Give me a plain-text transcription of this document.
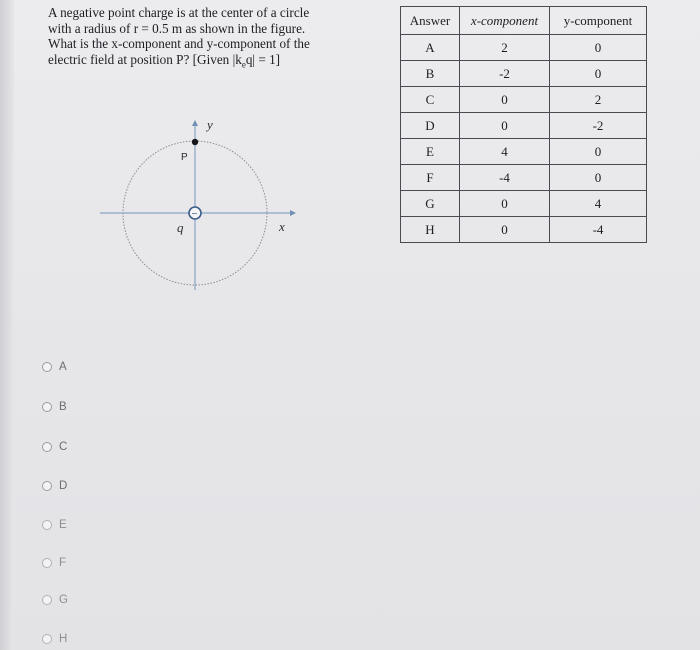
A negative point charge is at the center of a circle

with a radius of r = 0.5 m as shown in the figure.

What is the x-component and y-component of the

electric field at position P? [Given $|k_eq| = 1$]

−
y
x
P
q
Answer	x-component	y-component
A	2	0
B	-2	0
C	0	2
D	0	-2
E	4	0
F	-4	0
G	0	4
H	0	-4
A
B
C
D
E
F
G
H
